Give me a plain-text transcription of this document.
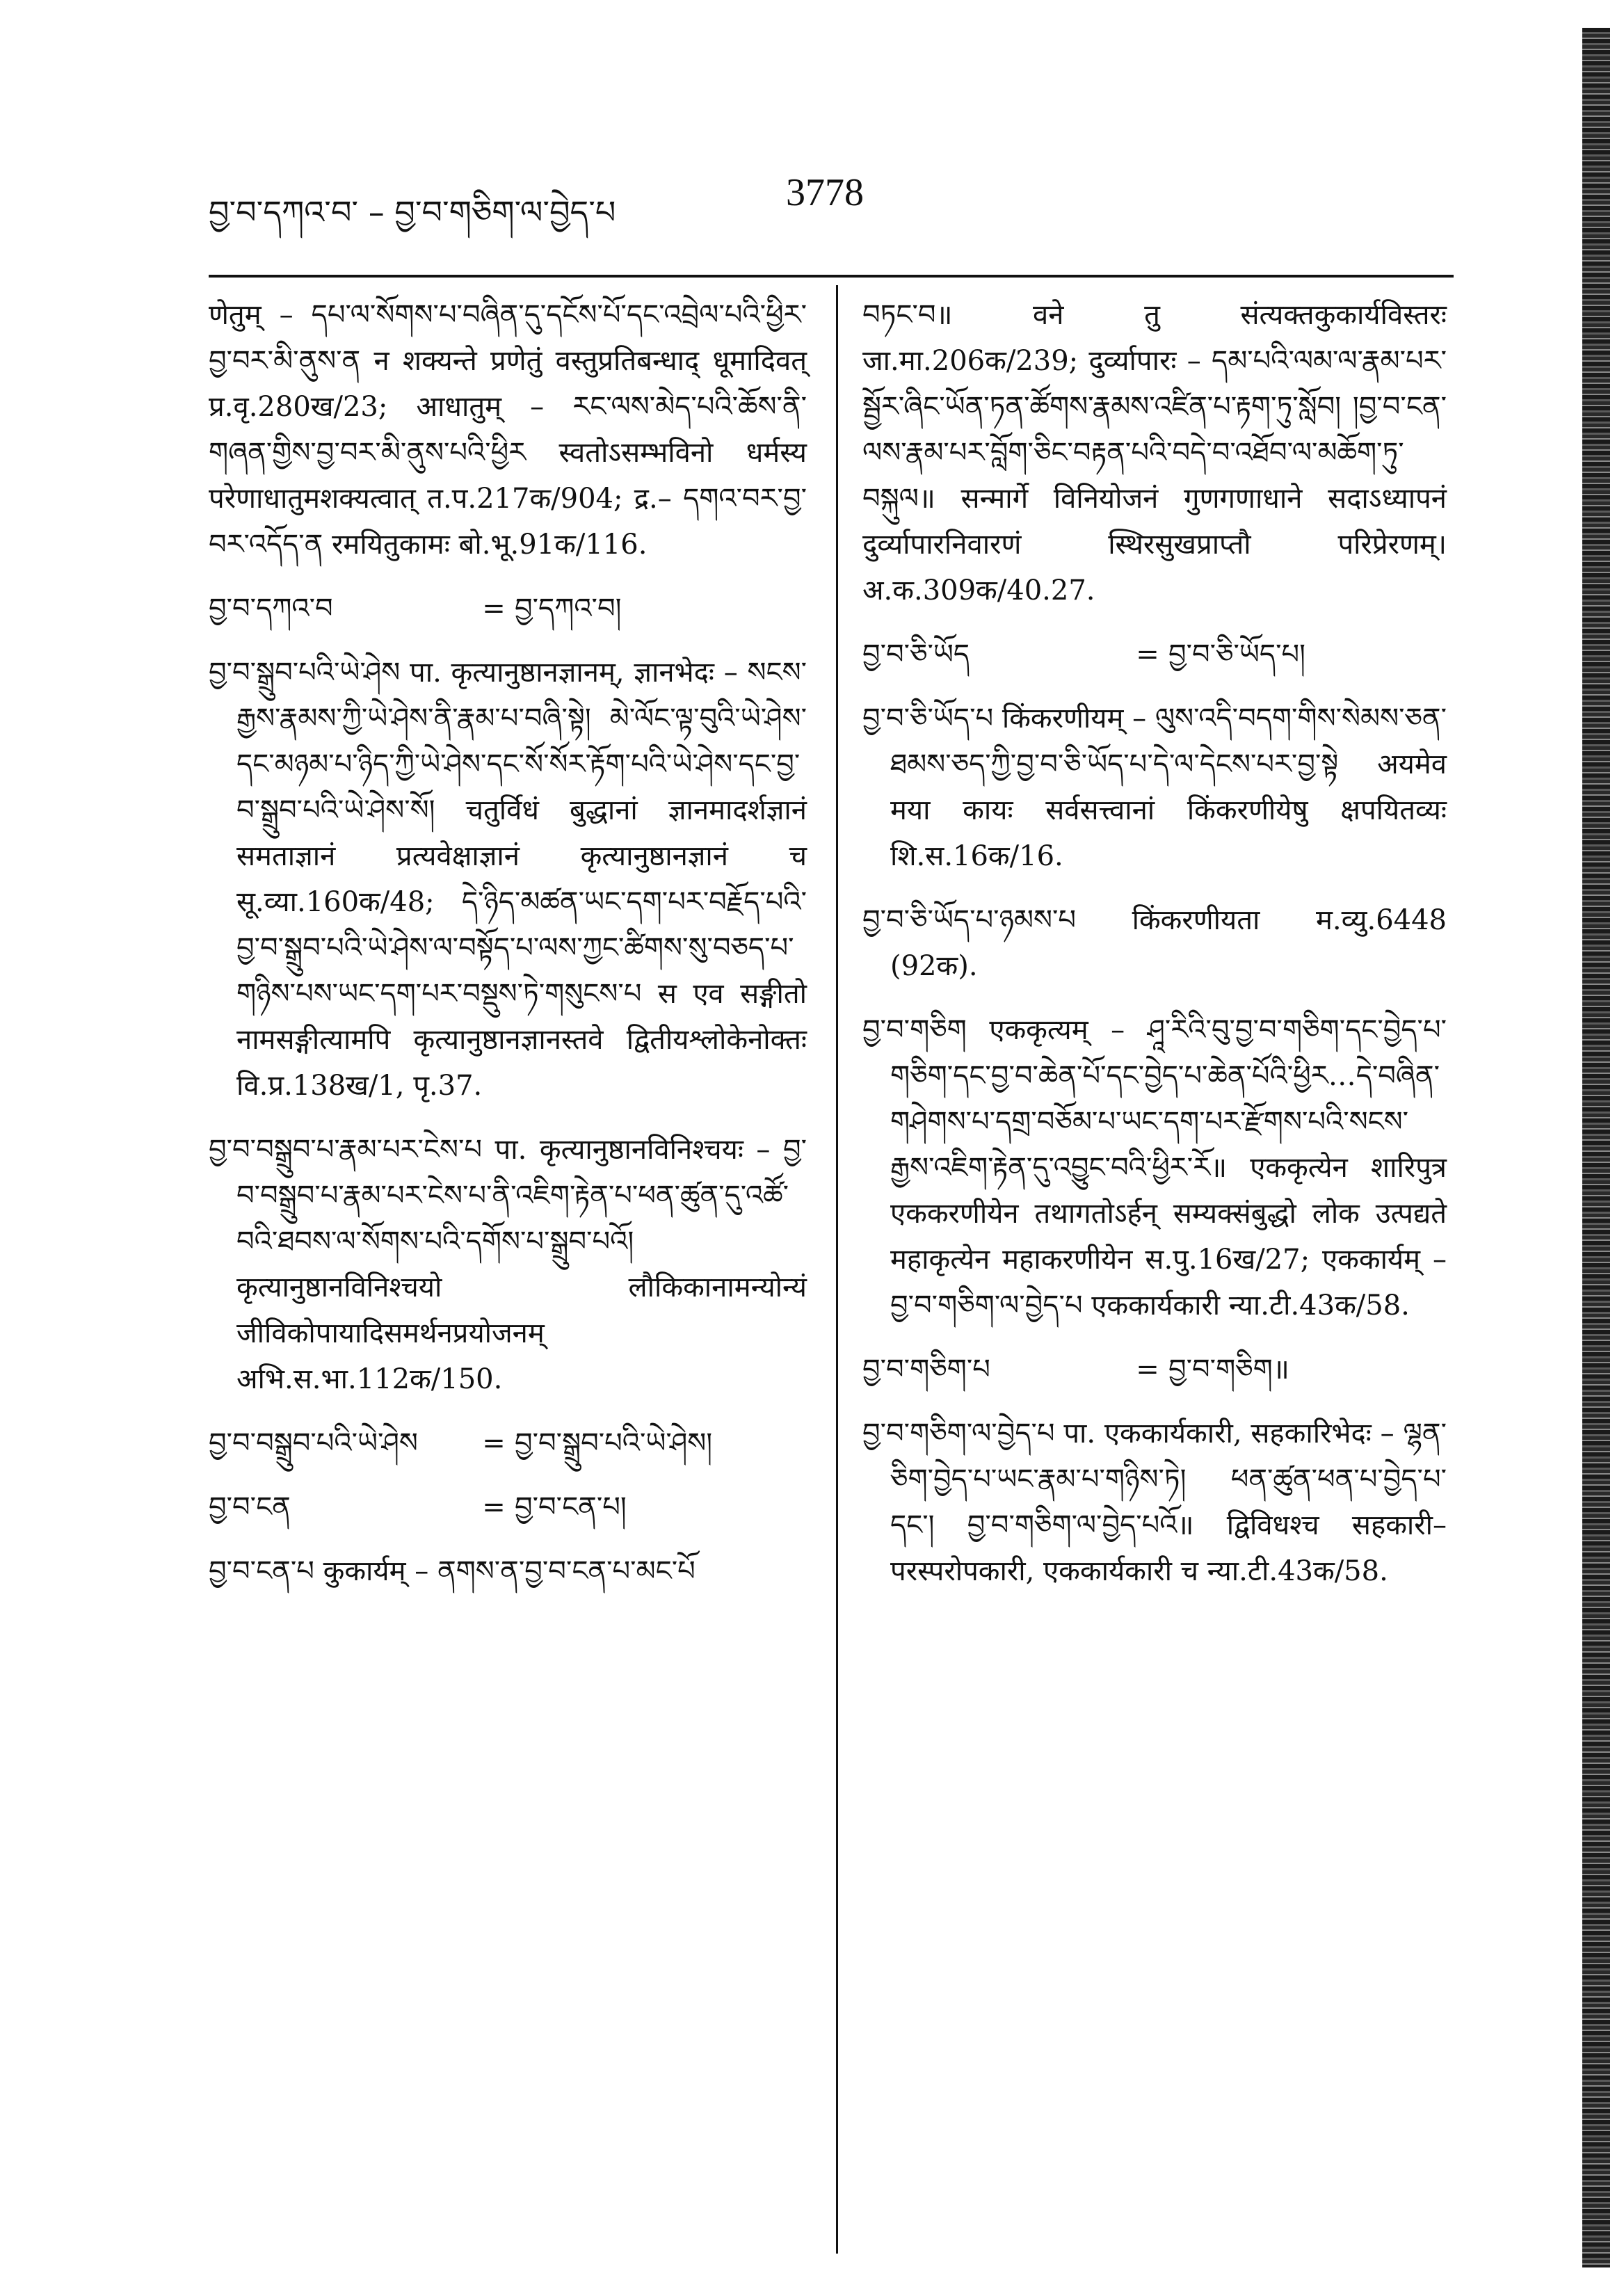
བྱ་བ་དཀའ་བ་ – བྱ་བ་གཅིག་ལ་བྱེད་པ	3778

णेतुम् – དཔ་ལ་སོགས་པ་བཞིན་དུ་དངོས་པོ་དང་འབྲེལ་པའི་ཕྱིར་བྱ་བར་མི་ནུས་ན न शक्यन्ते प्रणेतुं वस्तुप्रतिबन्धाद् धूमादिवत् प्र.वृ.280ख/23; आधातुम् – རང་ལས་མེད་པའི་ཆོས་ནི་གཞན་གྱིས་བྱ་བར་མི་ནུས་པའི་ཕྱིར स्वतोऽसम्भविनो धर्मस्य परेणाधातुमशक्यत्वात् त.प.217क/904; द्र.– དགའ་བར་བྱ་བར་འདོད་ན रमयितुकामः बो.भू.91क/116.

བྱ་བ་དཀའ་བ	= བྱ་དཀའ་བ།

བྱ་བ་སྒྲུབ་པའི་ཡེ་ཤེས पा. कृत्यानुष्ठानज्ञानम्, ज्ञानभेदः – སངས་རྒྱས་རྣམས་ཀྱི་ཡེ་ཤེས་ནི་རྣམ་པ་བཞི་སྟེ། མེ་ལོང་ལྟ་བུའི་ཡེ་ཤེས་དང་མཉམ་པ་ཉིད་ཀྱི་ཡེ་ཤེས་དང་སོ་སོར་རྟོག་པའི་ཡེ་ཤེས་དང་བྱ་བ་སྒྲུབ་པའི་ཡེ་ཤེས་སོ། चतुर्विधं बुद्धानां ज्ञानमादर्शज्ञानं समताज्ञानं प्रत्यवेक्षाज्ञानं कृत्यानुष्ठानज्ञानं च सू.व्या.160क/48; དེ་ཉིད་མཚན་ཡང་དག་པར་བརྗོད་པའི་བྱ་བ་སྒྲུབ་པའི་ཡེ་ཤེས་ལ་བསྟོད་པ་ལས་ཀྱང་ཚིགས་སུ་བཅད་པ་གཉིས་པས་ཡང་དག་པར་བསྡུས་ཏེ་གསུངས་པ स एव सङ्गीतो नामसङ्गीत्यामपि कृत्यानुष्ठानज्ञानस्तवे द्वितीयश्लोकेनोक्तः वि.प्र.138ख/1, पृ.37.

བྱ་བ་བསྒྲུབ་པ་རྣམ་པར་ངེས་པ पा. कृत्यानुष्ठानविनिश्चयः – བྱ་བ་བསྒྲུབ་པ་རྣམ་པར་ངེས་པ་ནི་འཇིག་རྟེན་པ་ཕན་ཚུན་དུ་འཚོ་བའི་ཐབས་ལ་སོགས་པའི་དགོས་པ་སྒྲུབ་པའོ། कृत्यानुष्ठानविनिश्चयो लौकिकानामन्योन्यं जीविकोपायादिसमर्थनप्रयोजनम् अभि.स.भा.112क/150.

བྱ་བ་བསྒྲུབ་པའི་ཡེ་ཤེས	= བྱ་བ་སྒྲུབ་པའི་ཡེ་ཤེས།
བྱ་བ་ངན	= བྱ་བ་ངན་པ།

བྱ་བ་ངན་པ कुकार्यम् – ནགས་ན་བྱ་བ་ངན་པ་མང་པོ

བཏང་བ॥ वने तु संत्यक्तकुकार्यविस्तरः जा.मा.206क/239; दुर्व्यापारः – དམ་པའི་ལམ་ལ་རྣམ་པར་སྦྱོར་ཞིང་ཡོན་ཏན་ཚོགས་རྣམས་འཛིན་པ་རྟག་ཏུ་སློབ། །བྱ་བ་ངན་ལས་རྣམ་པར་བློག་ཅིང་བརྟན་པའི་བདེ་བ་འཐོབ་ལ་མཆོག་ཏུ་བསྐུལ॥ सन्मार्गे विनियोजनं गुणगणाधाने सदाऽध्यापनं दुर्व्यापारनिवारणं स्थिरसुखप्राप्तौ परिप्रेरणम्। अ.क.309क/40.27.

བྱ་བ་ཅི་ཡོད	= བྱ་བ་ཅི་ཡོད་པ།

བྱ་བ་ཅི་ཡོད་པ किंकरणीयम् – ལུས་འདི་བདག་གིས་སེམས་ཅན་ཐམས་ཅད་ཀྱི་བྱ་བ་ཅི་ཡོད་པ་དེ་ལ་དེངས་པར་བྱ་སྟེ अयमेव मया कायः सर्वसत्त्वानां किंकरणीयेषु क्षपयितव्यः शि.स.16क/16.

བྱ་བ་ཅི་ཡོད་པ་ཉམས་པ किंकरणीयता म.व्यु.6448 (92क).

བྱ་བ་གཅིག एककृत्यम् – ཤཱ་རིའི་བུ་བྱ་བ་གཅིག་དང་བྱེད་པ་གཅིག་དང་བྱ་བ་ཆེན་པོ་དང་བྱེད་པ་ཆེན་པོའི་ཕྱིར…དེ་བཞིན་གཤེགས་པ་དགྲ་བཅོམ་པ་ཡང་དག་པར་རྫོགས་པའི་སངས་རྒྱས་འཇིག་རྟེན་དུ་འབྱུང་བའི་ཕྱིར་རོ॥ एककृत्येन शारिपुत्र एककरणीयेन तथागतोऽर्हन् सम्यक्संबुद्धो लोक उत्पद्यते महाकृत्येन महाकरणीयेन स.पु.16ख/27; एककार्यम् – བྱ་བ་གཅིག་ལ་བྱེད་པ एककार्यकारी न्या.टी.43क/58.

བྱ་བ་གཅིག་པ	= བྱ་བ་གཅིག॥

བྱ་བ་གཅིག་ལ་བྱེད་པ पा. एककार्यकारी, सहकारिभेदः – ལྷན་ཅིག་བྱེད་པ་ཡང་རྣམ་པ་གཉིས་ཏེ། ཕན་ཚུན་ཕན་པ་བྱེད་པ་དང་། བྱ་བ་གཅིག་ལ་བྱེད་པའོ॥ द्विविधश्च सहकारी–परस्परोपकारी, एककार्यकारी च न्या.टी.43क/58.
